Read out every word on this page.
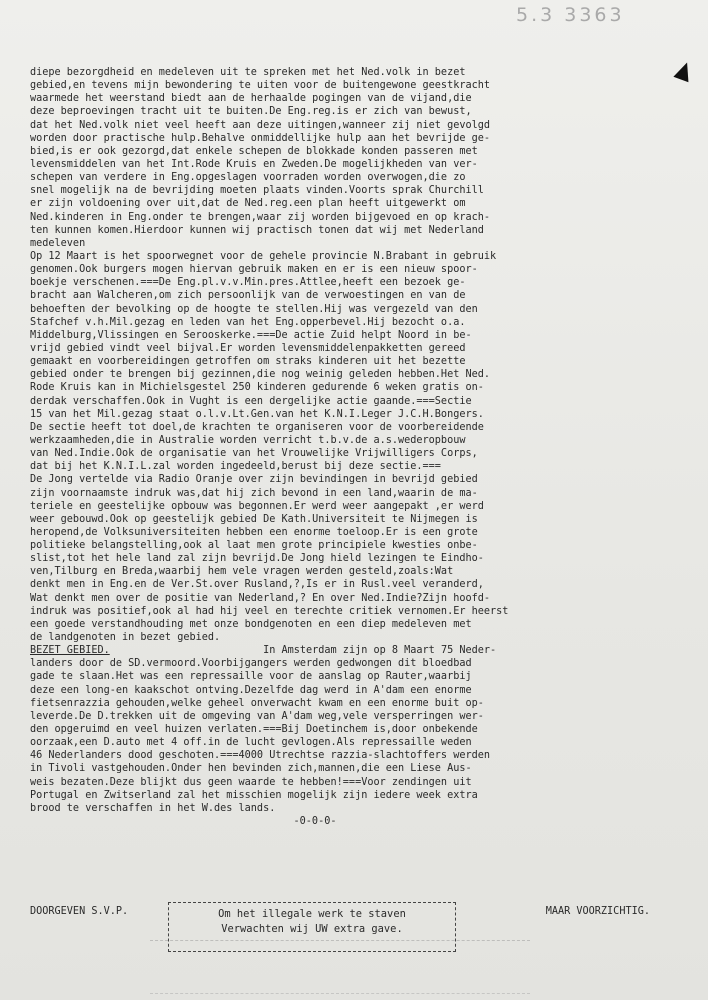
5.3 3363
diepe bezorgdheid en medeleven uit te spreken met het Ned.volk in bezet
gebied,en tevens mijn bewondering te uiten voor de buitengewone geestkracht
waarmede het weerstand biedt aan de herhaalde pogingen van de vijand,die
deze beproevingen tracht uit te buiten.De Eng.reg.is er zich van bewust,
dat het Ned.volk niet veel heeft aan deze uitingen,wanneer zij niet gevolgd
worden door practische hulp.Behalve onmiddellijke hulp aan het bevrijde ge-
bied,is er ook gezorgd,dat enkele schepen de blokkade konden passeren met
levensmiddelen van het Int.Rode Kruis en Zweden.De mogelijkheden van ver-
schepen van verdere in Eng.opgeslagen voorraden worden overwogen,die zo
snel mogelijk na de bevrijding moeten plaats vinden.Voorts sprak Churchill
er zijn voldoening over uit,dat de Ned.reg.een plan heeft uitgewerkt om
Ned.kinderen in Eng.onder te brengen,waar zij worden bijgevoed en op krach-
ten kunnen komen.Hierdoor kunnen wij practisch tonen dat wij met Nederland
medeleven
Op 12 Maart is het spoorwegnet voor de gehele provincie N.Brabant in gebruik
genomen.Ook burgers mogen hiervan gebruik maken en er is een nieuw spoor-
boekje verschenen.===De Eng.pl.v.v.Min.pres.Attlee,heeft een bezoek ge-
bracht aan Walcheren,om zich persoonlijk van de verwoestingen en van de
behoeften der bevolking op de hoogte te stellen.Hij was vergezeld van den
Stafchef v.h.Mil.gezag en leden van het Eng.opperbevel.Hij bezocht o.a.
Middelburg,Vlissingen en Serooskerke.===De actie Zuid helpt Noord in be-
vrijd gebied vindt veel bijval.Er worden levensmiddelenpakketten gereed
gemaakt en voorbereidingen getroffen om straks kinderen uit het bezette
gebied onder te brengen bij gezinnen,die nog weinig geleden hebben.Het Ned.
Rode Kruis kan in Michielsgestel 250 kinderen gedurende 6 weken gratis on-
derdak verschaffen.Ook in Vught is een dergelijke actie gaande.===Sectie
15 van het Mil.gezag staat o.l.v.Lt.Gen.van het K.N.I.Leger J.C.H.Bongers.
De sectie heeft tot doel,de krachten te organiseren voor de voorbereidende
werkzaamheden,die in Australie worden verricht t.b.v.de a.s.wederopbouw
van Ned.Indie.Ook de organisatie van het Vrouwelijke Vrijwilligers Corps,
dat bij het K.N.I.L.zal worden ingedeeld,berust bij deze sectie.===
De Jong vertelde via Radio Oranje over zijn bevindingen in bevrijd gebied
zijn voornaamste indruk was,dat hij zich bevond in een land,waarin de ma-
teriele en geestelijke opbouw was begonnen.Er werd weer aangepakt ,er werd
weer gebouwd.Ook op geestelijk gebied De Kath.Universiteit te Nijmegen is
heropend,de Volksuniversiteiten hebben een enorme toeloop.Er is een grote
politieke belangstelling,ook al laat men grote principiele kwesties onbe-
slist,tot het hele land zal zijn bevrijd.De Jong hield lezingen te Eindho-
ven,Tilburg en Breda,waarbij hem vele vragen werden gesteld,zoals:Wat
denkt men in Eng.en de Ver.St.over Rusland,?,Is er in Rusl.veel veranderd,
Wat denkt men over de positie van Nederland,? En over Ned.Indie?Zijn hoofd-
indruk was positief,ook al had hij veel en terechte critiek vernomen.Er heerst
een goede verstandhouding met onze bondgenoten en een diep medeleven met
de landgenoten in bezet gebied.
BEZET GEBIED.	In Amsterdam zijn op 8 Maart 75 Neder-
landers door de SD.vermoord.Voorbijgangers werden gedwongen dit bloedbad
gade te slaan.Het was een repressaille voor de aanslag op Rauter,waarbij
deze een long-en kaakschot ontving.Dezelfde dag werd in A'dam een enorme
fietsenrazzia gehouden,welke geheel onverwacht kwam en een enorme buit op-
leverde.De D.trekken uit de omgeving van A'dam weg,vele versperringen wer-
den opgeruimd en veel huizen verlaten.===Bij Doetinchem is,door onbekende
oorzaak,een D.auto met 4 off.in de lucht gevlogen.Als repressaille weden
46 Nederlanders dood geschoten.===4000 Utrechtse razzia-slachtoffers werden
in Tivoli vastgehouden.Onder hen bevinden zich,mannen,die een Liese Aus-
weis bezaten.Deze blijkt dus geen waarde te hebben!===Voor zendingen uit
Portugal en Zwitserland zal het misschien mogelijk zijn iedere week extra
brood te verschaffen in het W.des lands.
-0-0-0-
DOORGEVEN S.V.P.	MAAR VOORZICHTIG.
Om het illegale werk te staven
Verwachten wij UW extra gave.
